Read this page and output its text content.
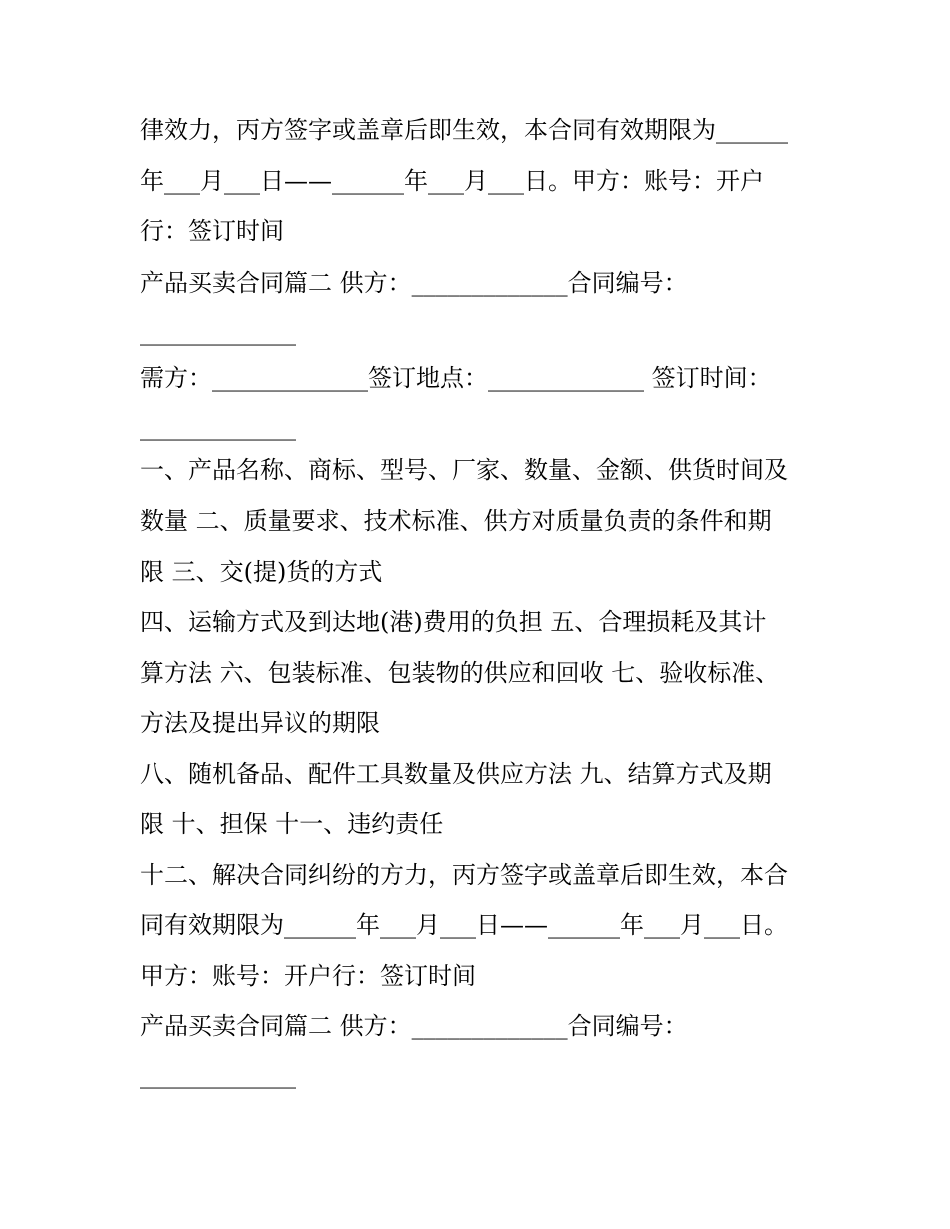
律效力，丙方签字或盖章后即生效，本合同有效期限为______
年___月___日——______年___月___日。甲方：账号：开户
行：签订时间
产品买卖合同篇二 供方：_____________合同编号：
_____________
需方：_____________签订地点：_____________ 签订时间：
_____________
一、产品名称、商标、型号、厂家、数量、金额、供货时间及
数量 二、质量要求、技术标准、供方对质量负责的条件和期
限 三、交(提)货的方式
四、运输方式及到达地(港)费用的负担 五、合理损耗及其计
算方法 六、包装标准、包装物的供应和回收 七、验收标准、
方法及提出异议的期限
八、随机备品、配件工具数量及供应方法 九、结算方式及期
限 十、担保 十一、违约责任
十二、解决合同纠纷的方力，丙方签字或盖章后即生效，本合
同有效期限为______年___月___日——______年___月___日。
甲方：账号：开户行：签订时间
产品买卖合同篇二 供方：_____________合同编号：
_____________
